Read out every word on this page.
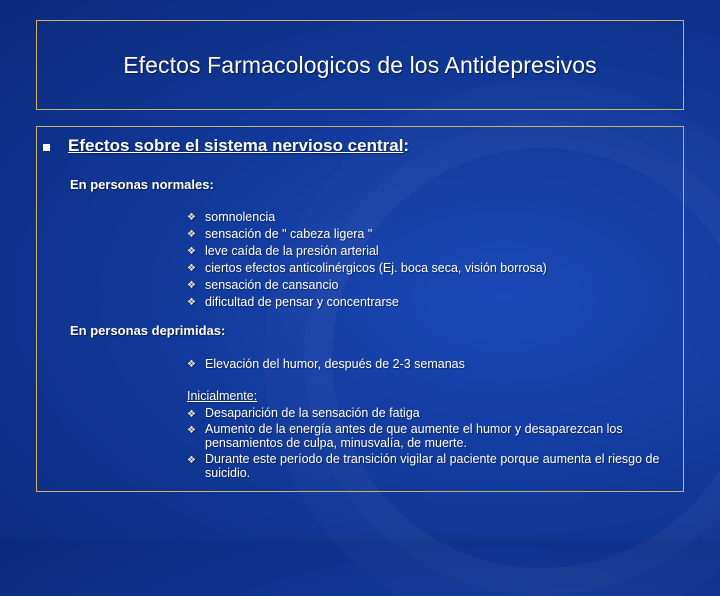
Efectos Farmacologicos de los Antidepresivos
Efectos sobre el sistema nervioso central:
En personas normales:
❖ somnolencia
❖ sensación de " cabeza ligera "
❖ leve caída de la presión arterial
❖ ciertos efectos anticolinérgicos (Ej. boca seca, visión borrosa)
❖ sensación de cansancio
❖ dificultad de pensar y concentrarse
En personas deprimidas:
❖ Elevación del humor, después de 2-3 semanas
Inicialmente:
❖ Desaparición de la sensación de fatiga
❖ Aumento de la energía antes de que aumente el humor y desaparezcan los pensamientos de culpa, minusvalía, de muerte.
❖ Durante este período de transición vigilar al paciente porque aumenta el riesgo de suicidio.
